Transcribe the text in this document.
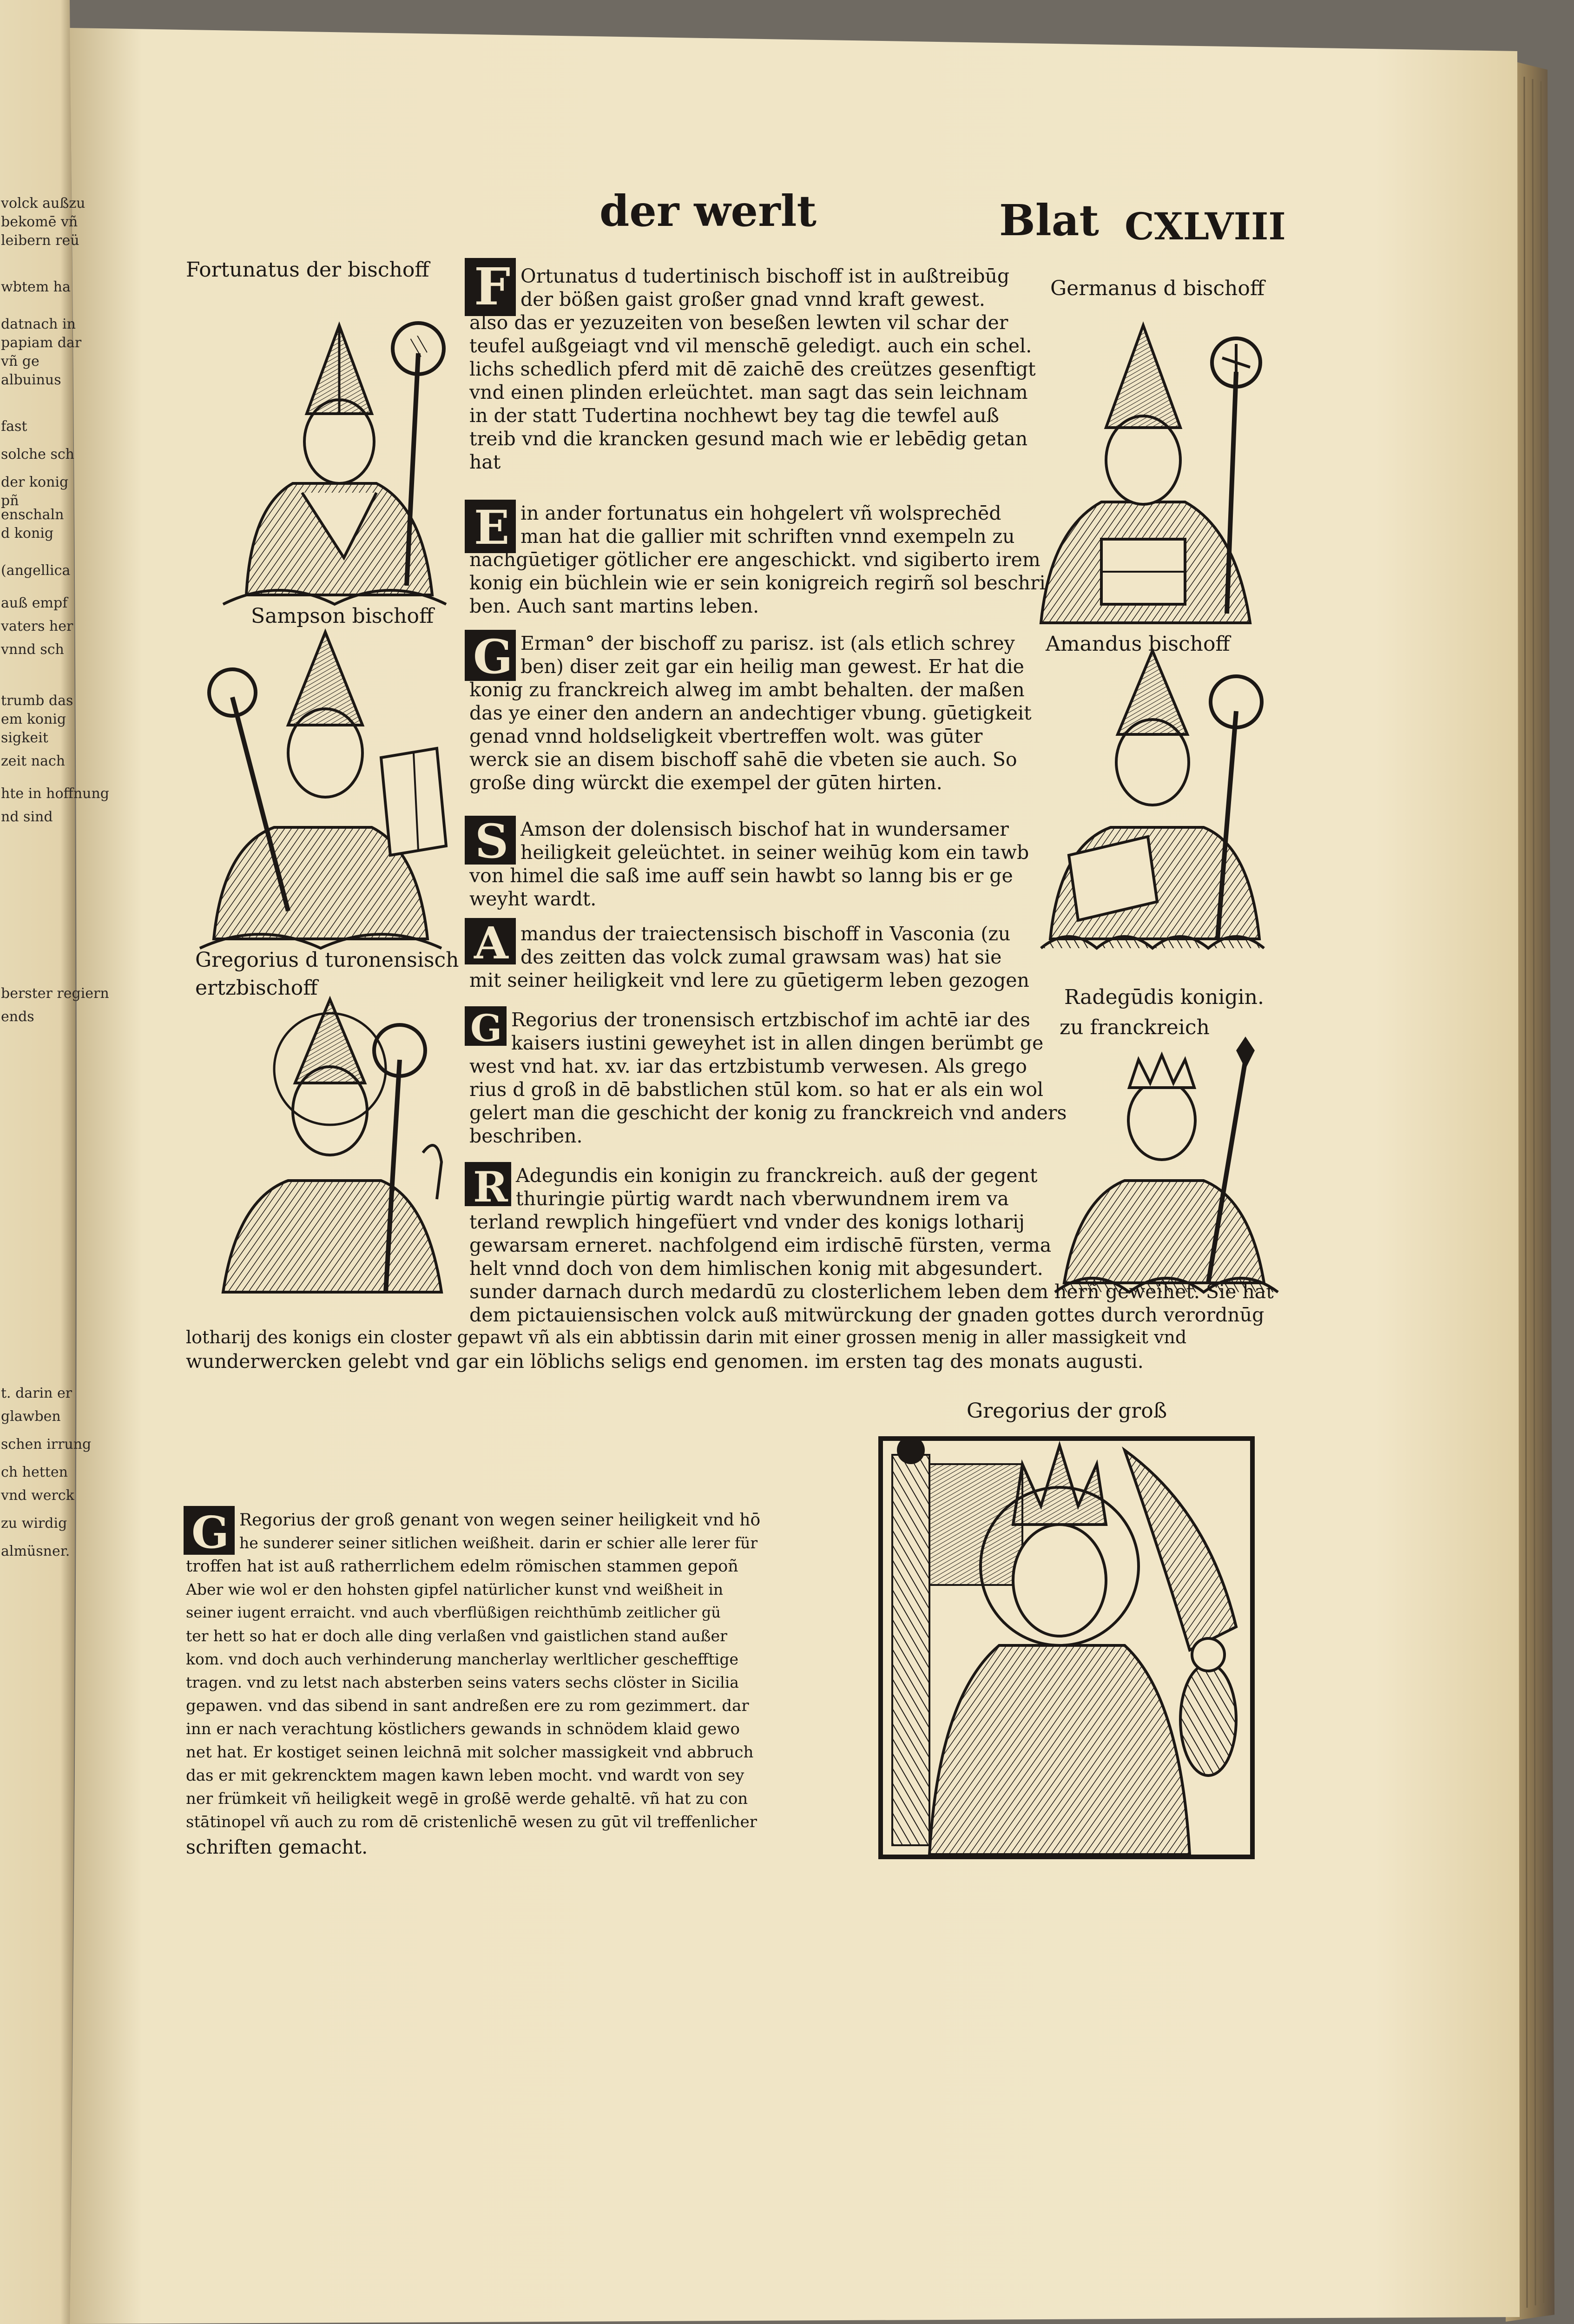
F
E
G
S
A
G
R
G
der werlt	Blat CXLVIII
Fortunatus der bischoff
Germanus d bischoff
Sampson bischoff
Amandus bischoff
Gregorius d turonensisch
ertzbischoff	Radegūdis konigin.
zu franckreich
Gregorius der groß
Ortunatus d tudertinisch bischoff ist in außtreibūg
der bößen gaist großer gnad vnnd kraft gewest.
also das er yezuzeiten von beseßen lewten vil schar der
teufel außgeiagt vnd vil menschē geledigt. auch ein schel.
lichs schedlich pferd mit dē zaichē des creützes gesenftigt
vnd einen plinden erleüchtet. man sagt das sein leichnam
in der statt Tudertina nochhewt bey tag die tewfel auß
treib vnd die krancken gesund mach wie er lebēdig getan
hat
in ander fortunatus ein hohgelert vñ wolsprechēd
man hat die gallier mit schriften vnnd exempeln zu
nachgūetiger götlicher ere angeschickt. vnd sigiberto irem
konig ein büchlein wie er sein konigreich regirñ sol beschri
ben. Auch sant martins leben.
Erman° der bischoff zu parisz. ist (als etlich schrey
ben) diser zeit gar ein heilig man gewest. Er hat die
konig zu franckreich alweg im ambt behalten. der maßen
das ye einer den andern an andechtiger vbung. gūetigkeit
genad vnnd holdseligkeit vbertreffen wolt. was gūter
werck sie an disem bischoff sahē die vbeten sie auch. So
große ding würckt die exempel der gūten hirten.
Amson der dolensisch bischof hat in wundersamer
heiligkeit geleüchtet. in seiner weihūg kom ein tawb
von himel die saß ime auff sein hawbt so lanng bis er ge
weyht wardt.
mandus der traiectensisch bischoff in Vasconia (zu
des zeitten das volck zumal grawsam was) hat sie
mit seiner heiligkeit vnd lere zu gūetigerm leben gezogen
Regorius der tronensisch ertzbischof im achtē iar des
kaisers iustini geweyhet ist in allen dingen berümbt ge
west vnd hat. xv. iar das ertzbistumb verwesen. Als grego
rius d groß in dē babstlichen stūl kom. so hat er als ein wol
gelert man die geschicht der konig zu franckreich vnd anders
beschriben.
Adegundis ein konigin zu franckreich. auß der gegent
thuringie pürtig wardt nach vberwundnem irem va
terland rewplich hingefüert vnd vnder des konigs lotharij
gewarsam erneret. nachfolgend eim irdischē fürsten, verma
helt vnnd doch von dem himlischen konig mit abgesundert.
sunder darnach durch medardū zu closterlichem leben dem herñ geweihet. Sie hat
dem pictauiensischen volck auß mitwürckung der gnaden gottes durch verordnūg
lotharij des konigs ein closter gepawt vñ als ein abbtissin darin mit einer grossen menig in aller massigkeit vnd
wunderwercken gelebt vnd gar ein löblichs seligs end genomen. im ersten tag des monats augusti.
Regorius der groß genant von wegen seiner heiligkeit vnd hō
he sunderer seiner sitlichen weißheit. darin er schier alle lerer für
troffen hat ist auß ratherrlichem edelm römischen stammen gepoñ
Aber wie wol er den hohsten gipfel natürlicher kunst vnd weißheit in
seiner iugent erraicht. vnd auch vberflüßigen reichthūmb zeitlicher gü
ter hett so hat er doch alle ding verlaßen vnd gaistlichen stand außer
kom. vnd doch auch verhinderung mancherlay werltlicher geschefftige
tragen. vnd zu letst nach absterben seins vaters sechs clöster in Sicilia
gepawen. vnd das sibend in sant andreßen ere zu rom gezimmert. dar
inn er nach verachtung köstlichers gewands in schnödem klaid gewo
net hat. Er kostiget seinen leichnā mit solcher massigkeit vnd abbruch
das er mit gekrencktem magen kawn leben mocht. vnd wardt von sey
ner frümkeit vñ heiligkeit wegē in großē werde gehaltē. vñ hat zu con
stātinopel vñ auch zu rom dē cristenlichē wesen zu gūt vil treffenlicher
schriften gemacht.
volck außzu
bekomē vñ
leibern reü
wbtem ha
datnach in
papiam dar
vñ ge
albuinus
fast
solche sch
der konig
pñ
enschaln
d konig
(angellica
auß empf
vaters her
vnnd sch
trumb das
em konig
sigkeit
zeit nach
hte in hoffnung
nd sind
berster regiern
ends
t. darin er
glawben
schen irrung
ch hetten
vnd werck
zu wirdig
almüsner.
